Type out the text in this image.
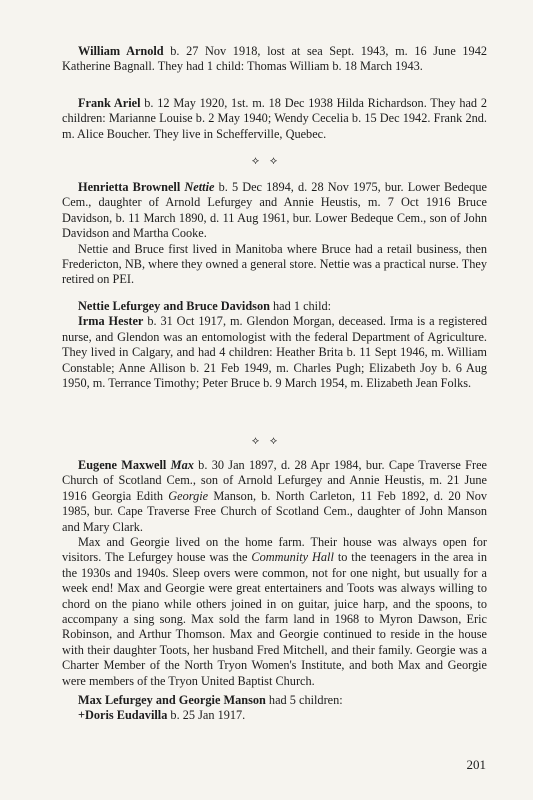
William Arnold b. 27 Nov 1918, lost at sea Sept. 1943, m. 16 June 1942 Katherine Bagnall. They had 1 child: Thomas William b. 18 March 1943.

Frank Ariel b. 12 May 1920, 1st. m. 18 Dec 1938 Hilda Richardson. They had 2 children: Marianne Louise b. 2 May 1940; Wendy Cecelia b. 15 Dec 1942. Frank 2nd. m. Alice Boucher. They live in Schefferville, Quebec.

⟡ ⟡

Henrietta Brownell Nettie b. 5 Dec 1894, d. 28 Nov 1975, bur. Lower Bedeque Cem., daughter of Arnold Lefurgey and Annie Heustis, m. 7 Oct 1916 Bruce Davidson, b. 11 March 1890, d. 11 Aug 1961, bur. Lower Bedeque Cem., son of John Davidson and Martha Cooke.

Nettie and Bruce first lived in Manitoba where Bruce had a retail business, then Fredericton, NB, where they owned a general store. Nettie was a practical nurse. They retired on PEI.

Nettie Lefurgey and Bruce Davidson had 1 child:

Irma Hester b. 31 Oct 1917, m. Glendon Morgan, deceased. Irma is a registered nurse, and Glendon was an entomologist with the federal Department of Agriculture. They lived in Calgary, and had 4 children: Heather Brita b. 11 Sept 1946, m. William Constable; Anne Allison b. 21 Feb 1949, m. Charles Pugh; Elizabeth Joy b. 6 Aug 1950, m. Terrance Timothy; Peter Bruce b. 9 March 1954, m. Elizabeth Jean Folks.

⟡ ⟡

Eugene Maxwell Max b. 30 Jan 1897, d. 28 Apr 1984, bur. Cape Traverse Free Church of Scotland Cem., son of Arnold Lefurgey and Annie Heustis, m. 21 June 1916 Georgia Edith Georgie Manson, b. North Carleton, 11 Feb 1892, d. 20 Nov 1985, bur. Cape Traverse Free Church of Scotland Cem., daughter of John Manson and Mary Clark.

Max and Georgie lived on the home farm. Their house was always open for visitors. The Lefurgey house was the Community Hall to the teenagers in the area in the 1930s and 1940s. Sleep overs were common, not for one night, but usually for a week end! Max and Georgie were great entertainers and Toots was always willing to chord on the piano while others joined in on guitar, juice harp, and the spoons, to accompany a sing song. Max sold the farm land in 1968 to Myron Dawson, Eric Robinson, and Arthur Thomson. Max and Georgie continued to reside in the house with their daughter Toots, her husband Fred Mitchell, and their family. Georgie was a Charter Member of the North Tryon Women's Institute, and both Max and Georgie were members of the Tryon United Baptist Church.

Max Lefurgey and Georgie Manson had 5 children:

+Doris Eudavilla b. 25 Jan 1917.

201
